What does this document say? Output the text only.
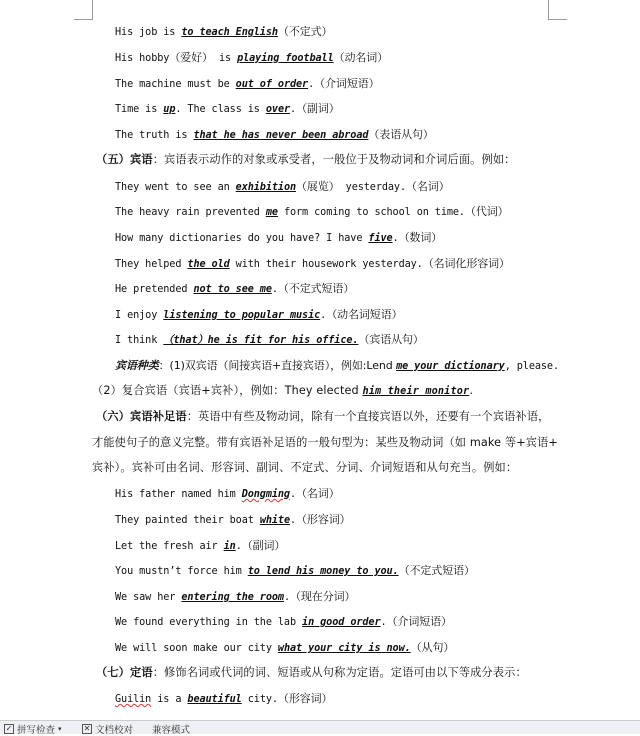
His job is to teach English（不定式）
His hobby（爱好） is playing football（动名词）
The machine must be out of order.（介词短语）
Time is up. The class is over.（副词）
The truth is that he has never been abroad（表语从句）
（五）宾语：宾语表示动作的对象或承受者，一般位于及物动词和介词后面。例如：
They went to see an exhibition（展览） yesterday.（名词）
The heavy rain prevented me form coming to school on time.（代词）
How many dictionaries do you have? I have five.（数词）
They helped the old with their housework yesterday.（名词化形容词）
He pretended not to see me.（不定式短语）
I enjoy listening to popular music.（动名词短语）
I think （that）he is fit for his office.（宾语从句）
宾语种类：(1)双宾语（间接宾语+直接宾语），例如:Lend me your dictionary, please.
（2）复合宾语（宾语+宾补），例如：They elected him their monitor.
（六）宾语补足语：英语中有些及物动词，除有一个直接宾语以外，还要有一个宾语补语，
才能使句子的意义完整。带有宾语补足语的一般句型为：某些及物动词（如 make 等+宾语+
宾补）。宾补可由名词、形容词、副词、不定式、分词、介词短语和从句充当。例如：
His father named him Dongming.（名词）
They painted their boat white.（形容词）
Let the fresh air in.（副词）
You mustn’t force him to lend his money to you.（不定式短语）
We saw her entering the room.（现在分词）
We found everything in the lab in good order.（介词短语）
We will soon make our city what your city is now.（从句）
（七）定语：修饰名词或代词的词、短语或从句称为定语。定语可由以下等成分表示：
Guilin is a beautiful city.（形容词）
✓ 拼写检查 ▾	✕ 文档校对 兼容模式
